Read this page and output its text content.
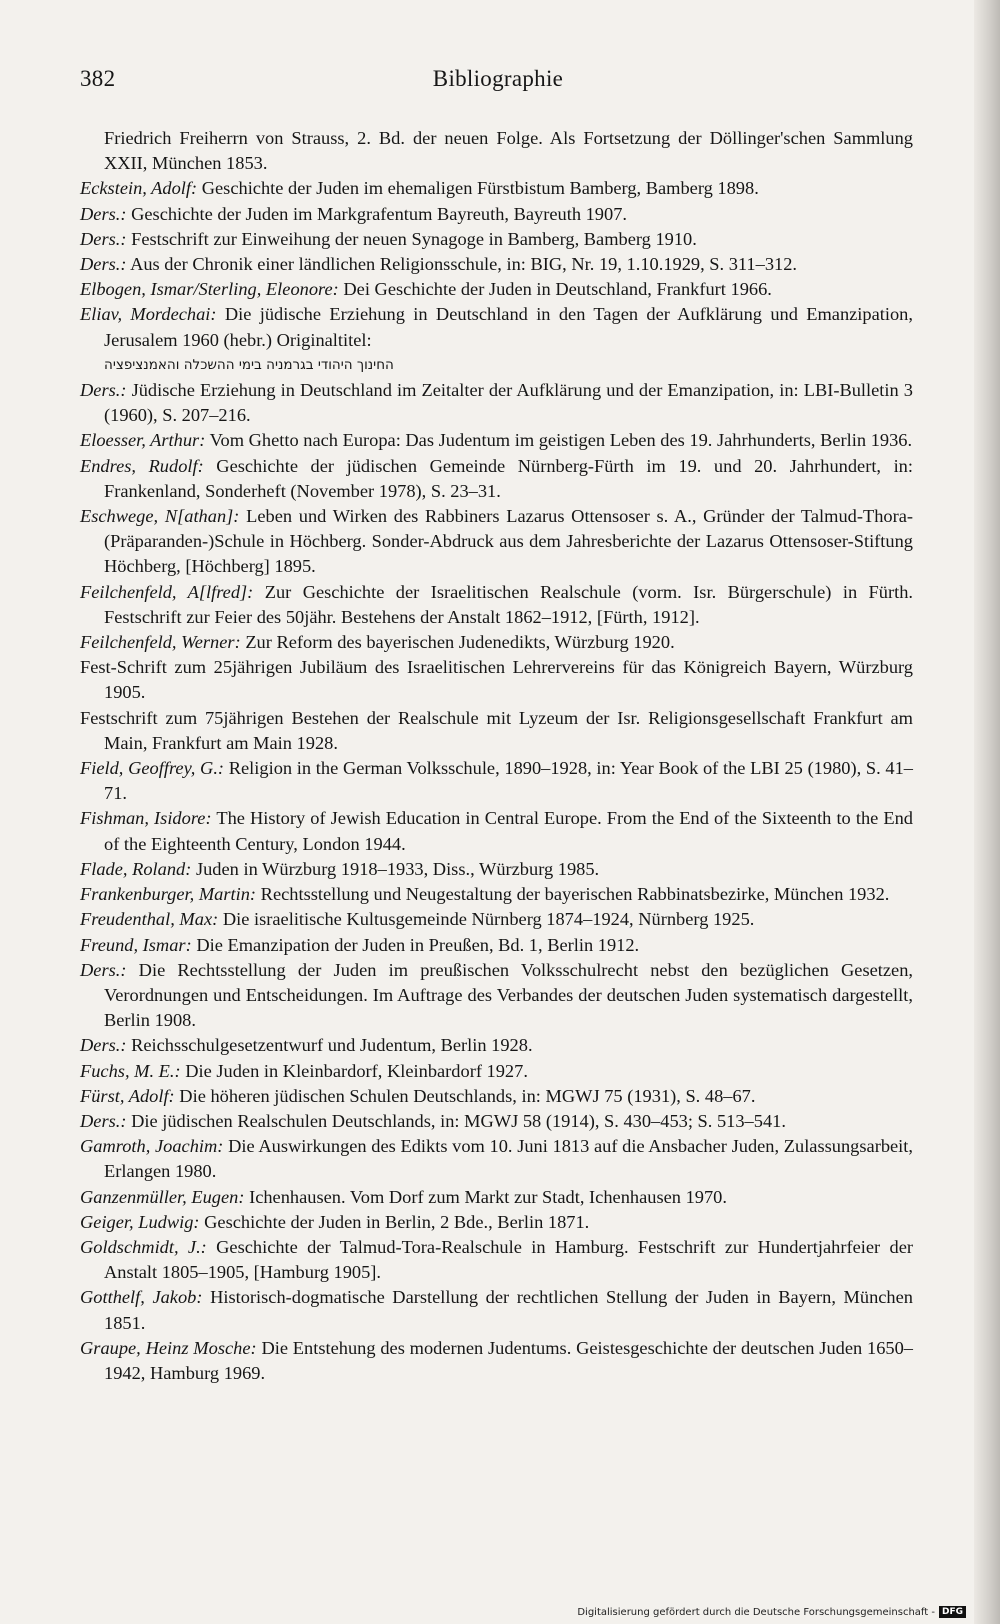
382	Bibliographie
Friedrich Freiherrn von Strauss, 2. Bd. der neuen Folge. Als Fortsetzung der Döllinger'schen Sammlung XXII, München 1853.
Eckstein, Adolf: Geschichte der Juden im ehemaligen Fürstbistum Bamberg, Bamberg 1898.
Ders.: Geschichte der Juden im Markgrafentum Bayreuth, Bayreuth 1907.
Ders.: Festschrift zur Einweihung der neuen Synagoge in Bamberg, Bamberg 1910.
Ders.: Aus der Chronik einer ländlichen Religionsschule, in: BIG, Nr. 19, 1.10.1929, S. 311–312.
Elbogen, Ismar/Sterling, Eleonore: Dei Geschichte der Juden in Deutschland, Frankfurt 1966.
Eliav, Mordechai: Die jüdische Erziehung in Deutschland in den Tagen der Aufklärung und Emanzipation, Jerusalem 1960 (hebr.) Originaltitel:
החינוך היהודי בגרמניה בימי ההשכלה והאמנציפציה
Ders.: Jüdische Erziehung in Deutschland im Zeitalter der Aufklärung und der Emanzipation, in: LBI-Bulletin 3 (1960), S. 207–216.
Eloesser, Arthur: Vom Ghetto nach Europa: Das Judentum im geistigen Leben des 19. Jahrhunderts, Berlin 1936.
Endres, Rudolf: Geschichte der jüdischen Gemeinde Nürnberg-Fürth im 19. und 20. Jahrhundert, in: Frankenland, Sonderheft (November 1978), S. 23–31.
Eschwege, N[athan]: Leben und Wirken des Rabbiners Lazarus Ottensoser s. A., Gründer der Talmud-Thora-(Präparanden-)Schule in Höchberg. Sonder-Abdruck aus dem Jahresberichte der Lazarus Ottensoser-Stiftung Höchberg, [Höchberg] 1895.
Feilchenfeld, A[lfred]: Zur Geschichte der Israelitischen Realschule (vorm. Isr. Bürgerschule) in Fürth. Festschrift zur Feier des 50jähr. Bestehens der Anstalt 1862–1912, [Fürth, 1912].
Feilchenfeld, Werner: Zur Reform des bayerischen Judenedikts, Würzburg 1920.
Fest-Schrift zum 25jährigen Jubiläum des Israelitischen Lehrervereins für das Königreich Bayern, Würzburg 1905.
Festschrift zum 75jährigen Bestehen der Realschule mit Lyzeum der Isr. Religionsgesellschaft Frankfurt am Main, Frankfurt am Main 1928.
Field, Geoffrey, G.: Religion in the German Volksschule, 1890–1928, in: Year Book of the LBI 25 (1980), S. 41–71.
Fishman, Isidore: The History of Jewish Education in Central Europe. From the End of the Sixteenth to the End of the Eighteenth Century, London 1944.
Flade, Roland: Juden in Würzburg 1918–1933, Diss., Würzburg 1985.
Frankenburger, Martin: Rechtsstellung und Neugestaltung der bayerischen Rabbinatsbezirke, München 1932.
Freudenthal, Max: Die israelitische Kultusgemeinde Nürnberg 1874–1924, Nürnberg 1925.
Freund, Ismar: Die Emanzipation der Juden in Preußen, Bd. 1, Berlin 1912.
Ders.: Die Rechtsstellung der Juden im preußischen Volksschulrecht nebst den bezüglichen Gesetzen, Verordnungen und Entscheidungen. Im Auftrage des Verbandes der deutschen Juden systematisch dargestellt, Berlin 1908.
Ders.: Reichsschulgesetzentwurf und Judentum, Berlin 1928.
Fuchs, M. E.: Die Juden in Kleinbardorf, Kleinbardorf 1927.
Fürst, Adolf: Die höheren jüdischen Schulen Deutschlands, in: MGWJ 75 (1931), S. 48–67.
Ders.: Die jüdischen Realschulen Deutschlands, in: MGWJ 58 (1914), S. 430–453; S. 513–541.
Gamroth, Joachim: Die Auswirkungen des Edikts vom 10. Juni 1813 auf die Ansbacher Juden, Zulassungsarbeit, Erlangen 1980.
Ganzenmüller, Eugen: Ichenhausen. Vom Dorf zum Markt zur Stadt, Ichenhausen 1970.
Geiger, Ludwig: Geschichte der Juden in Berlin, 2 Bde., Berlin 1871.
Goldschmidt, J.: Geschichte der Talmud-Tora-Realschule in Hamburg. Festschrift zur Hundertjahrfeier der Anstalt 1805–1905, [Hamburg 1905].
Gotthelf, Jakob: Historisch-dogmatische Darstellung der rechtlichen Stellung der Juden in Bayern, München 1851.
Graupe, Heinz Mosche: Die Entstehung des modernen Judentums. Geistesgeschichte der deutschen Juden 1650–1942, Hamburg 1969.
Digitalisierung gefördert durch die Deutsche Forschungsgemeinschaft - DFG
